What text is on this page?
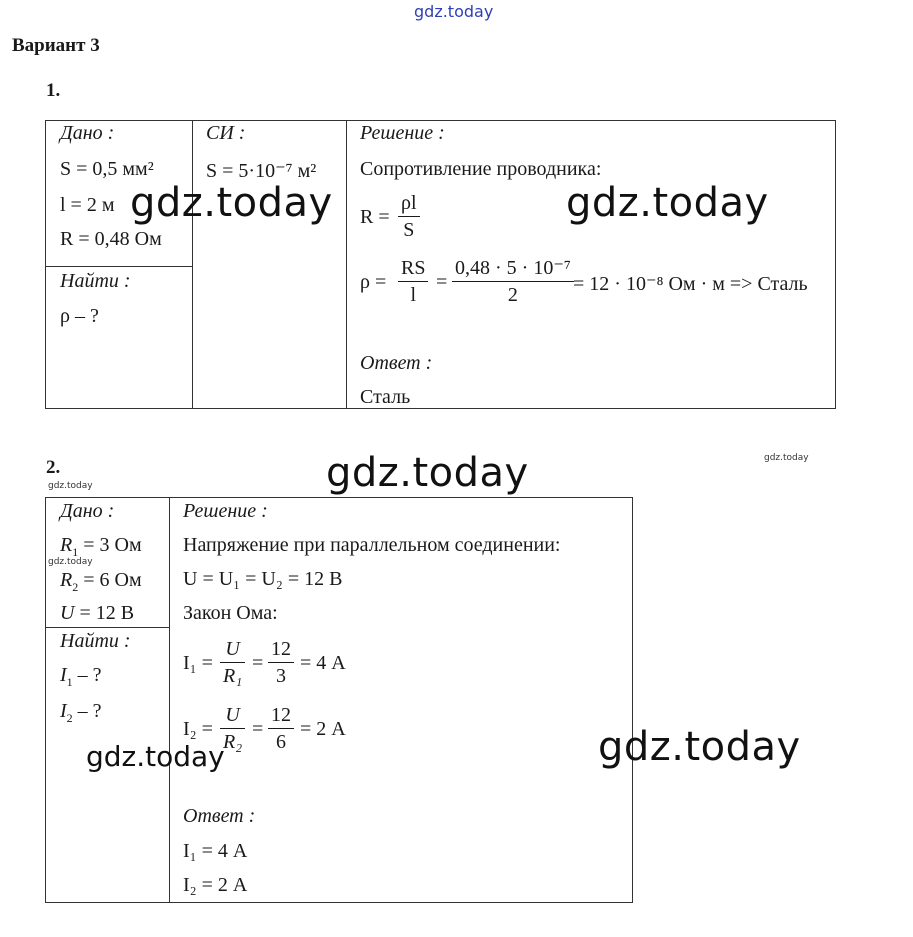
gdz.today
Вариант 3
1.
Дано :
S = 0,5 мм²
l = 2 м
R = 0,48 Ом
Найти :
ρ – ?
СИ :
S = 5·10⁻⁷ м²
Решение :
Сопротивление проводника:
R =
ρl
S
ρ =
RS
l
=
0,48 · 5 · 10⁻⁷
2	= 12 · 10⁻⁸ Ом · м => Сталь
Ответ :
Сталь
2.
Дано :
$R_1 = 3$ Ом
$R_2 = 6$ Ом
U = 12 В
Найти :
$I_1$ – ?
$I_2$ – ?
Решение :
Напряжение при параллельном соединении:
U = U₁ = U₂ = 12 В
Закон Ома:
I₁ =
U
R₁
=
12
3
= 4 А
I₂ =
U
R₂
=
12
6
= 2 А
Ответ :
I₁ = 4 А
I₂ = 2 А
gdz.today	gdz.today
gdz.today
gdz.today
gdz.today
gdz.today
gdz.today
gdz.today
